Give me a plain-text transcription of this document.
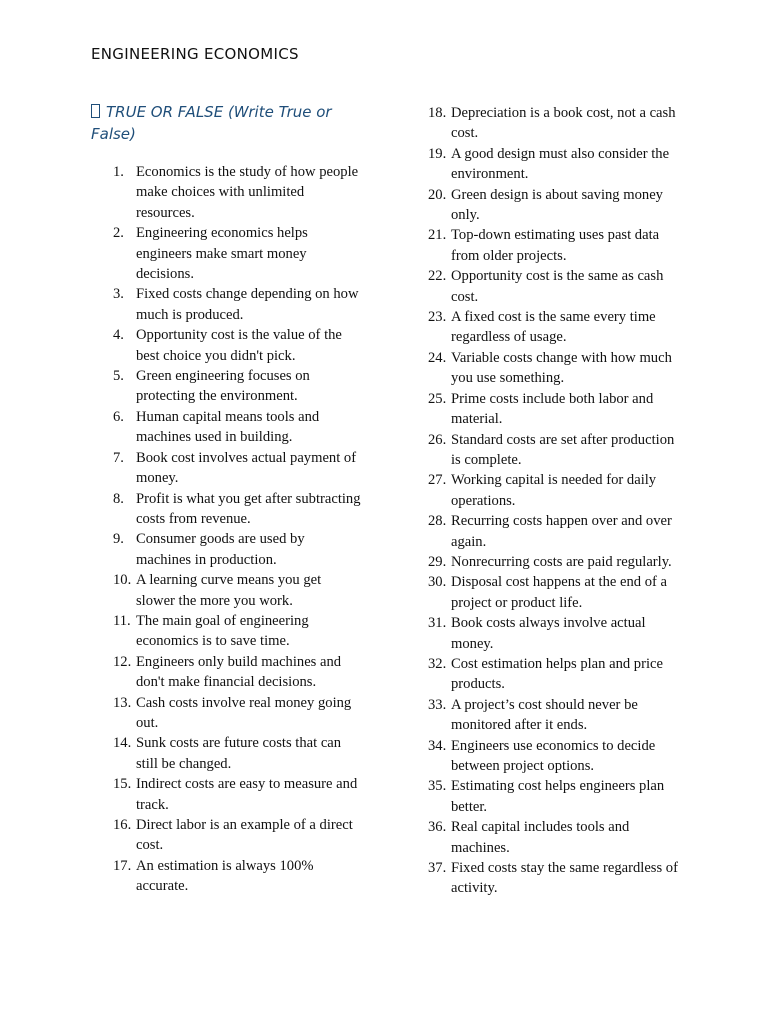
ENGINEERING ECONOMICS
TRUE OR FALSE (Write True or False)
1. Economics is the study of how people make choices with unlimited resources.
2. Engineering economics helps engineers make smart money decisions.
3. Fixed costs change depending on how much is produced.
4. Opportunity cost is the value of the best choice you didn't pick.
5. Green engineering focuses on protecting the environment.
6. Human capital means tools and machines used in building.
7. Book cost involves actual payment of money.
8. Profit is what you get after subtracting costs from revenue.
9. Consumer goods are used by machines in production.
10. A learning curve means you get slower the more you work.
11. The main goal of engineering economics is to save time.
12. Engineers only build machines and don't make financial decisions.
13. Cash costs involve real money going out.
14. Sunk costs are future costs that can still be changed.
15. Indirect costs are easy to measure and track.
16. Direct labor is an example of a direct cost.
17. An estimation is always 100% accurate.
18. Depreciation is a book cost, not a cash cost.
19. A good design must also consider the environment.
20. Green design is about saving money only.
21. Top-down estimating uses past data from older projects.
22. Opportunity cost is the same as cash cost.
23. A fixed cost is the same every time regardless of usage.
24. Variable costs change with how much you use something.
25. Prime costs include both labor and material.
26. Standard costs are set after production is complete.
27. Working capital is needed for daily operations.
28. Recurring costs happen over and over again.
29. Nonrecurring costs are paid regularly.
30. Disposal cost happens at the end of a project or product life.
31. Book costs always involve actual money.
32. Cost estimation helps plan and price products.
33. A project’s cost should never be monitored after it ends.
34. Engineers use economics to decide between project options.
35. Estimating cost helps engineers plan better.
36. Real capital includes tools and machines.
37. Fixed costs stay the same regardless of activity.
